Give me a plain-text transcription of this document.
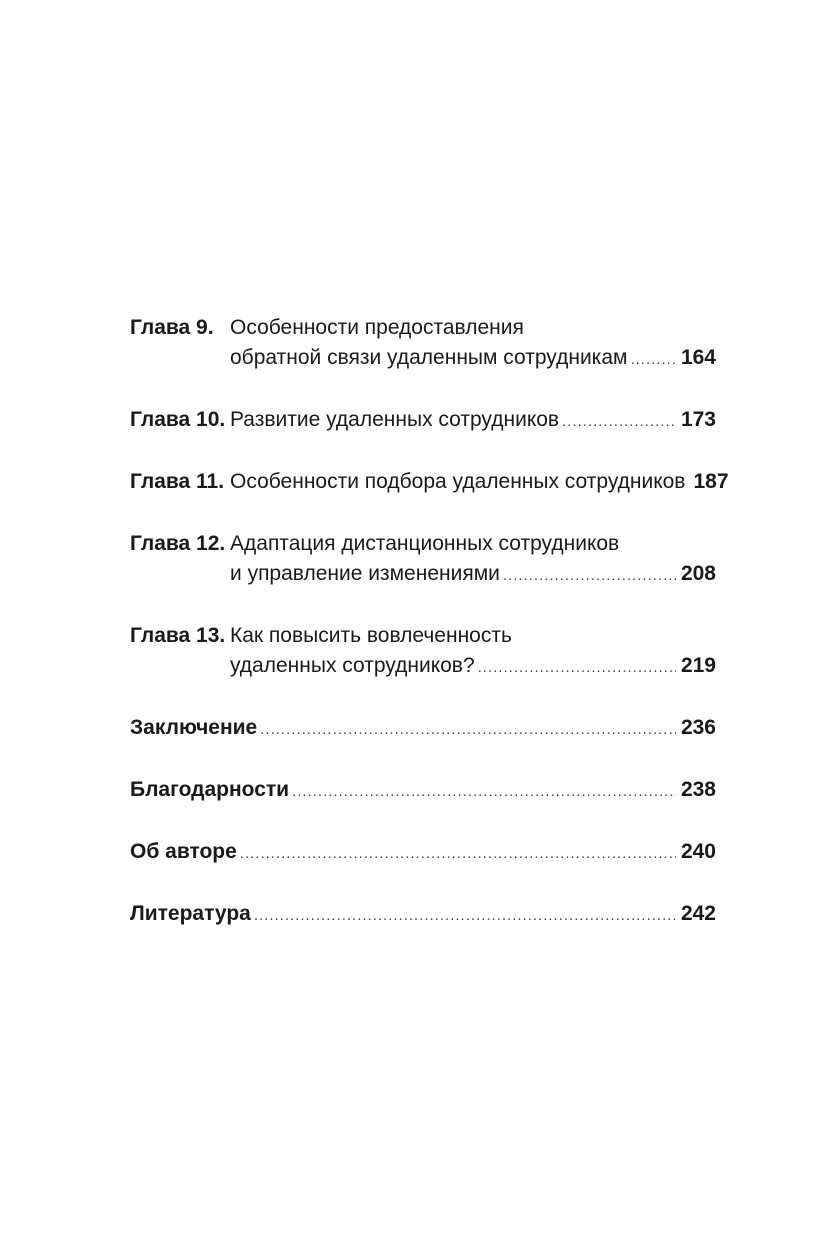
Глава 9. Особенности предоставления
обратной связи удаленным сотрудникам .....	164
Глава 10. Развитие удаленных сотрудников .....	173
Глава 11. Особенности подбора удаленных сотрудников 187
Глава 12. Адаптация дистанционных сотрудников
и управление изменениями .....	208
Глава 13. Как повысить вовлеченность
удаленных сотрудников? .....	219
Заключение .....	236
Благодарности .....	238
Об авторе .....	240
Литература .....	242
